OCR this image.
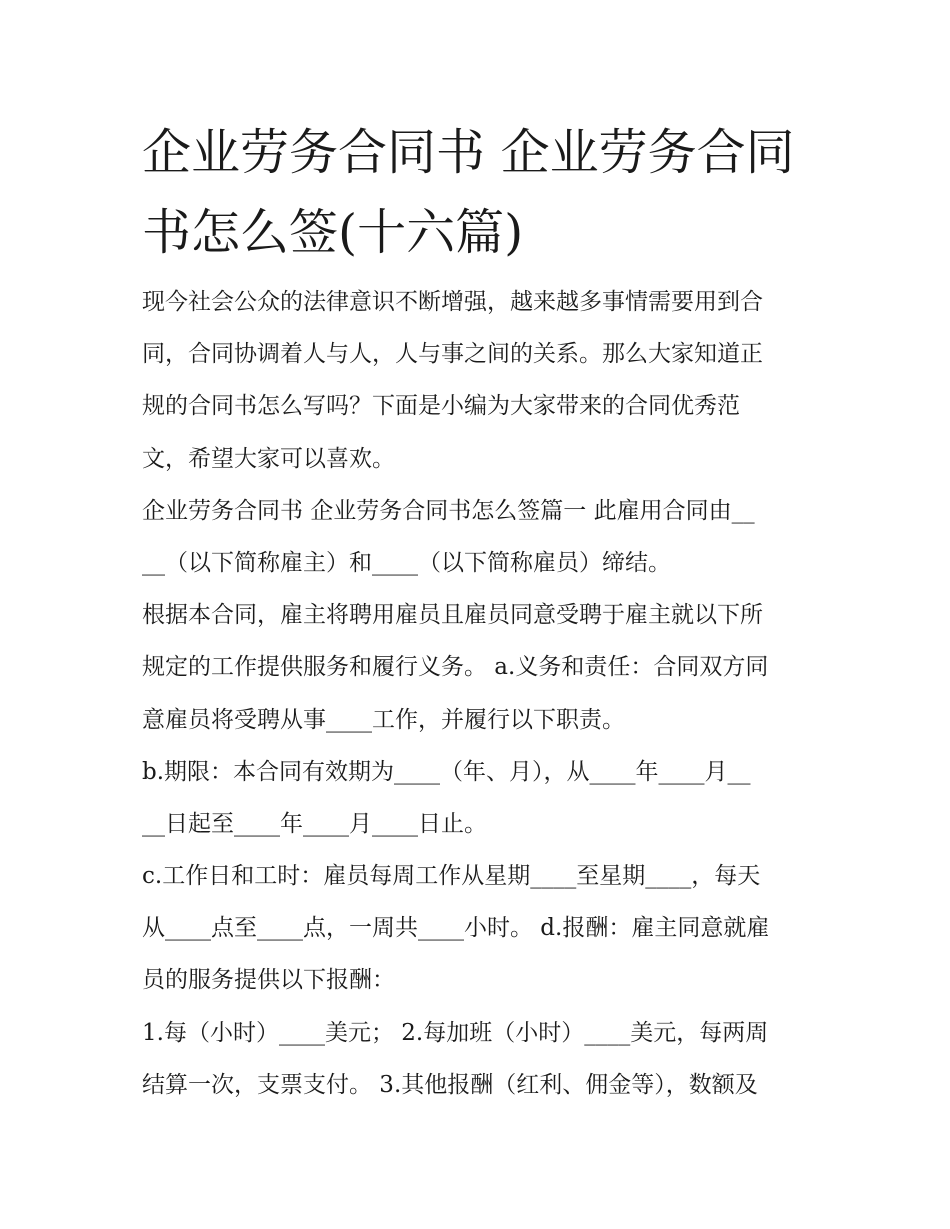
企业劳务合同书 企业劳务合同
书怎么签(十六篇)
现今社会公众的法律意识不断增强，越来越多事情需要用到合
同，合同协调着人与人，人与事之间的关系。那么大家知道正
规的合同书怎么写吗？下面是小编为大家带来的合同优秀范
文，希望大家可以喜欢。
企业劳务合同书 企业劳务合同书怎么签篇一 此雇用合同由__
__（以下简称雇主）和____（以下简称雇员）缔结。
根据本合同，雇主将聘用雇员且雇员同意受聘于雇主就以下所
规定的工作提供服务和履行义务。 a.义务和责任：合同双方同
意雇员将受聘从事____工作，并履行以下职责。
b.期限：本合同有效期为____（年、月），从____年____月__
__日起至____年____月____日止。
c.工作日和工时：雇员每周工作从星期____至星期____，每天
从____点至____点，一周共____小时。 d.报酬：雇主同意就雇
员的服务提供以下报酬：
1.每（小时）____美元； 2.每加班（小时）____美元，每两周
结算一次，支票支付。 3.其他报酬（红利、佣金等），数额及
